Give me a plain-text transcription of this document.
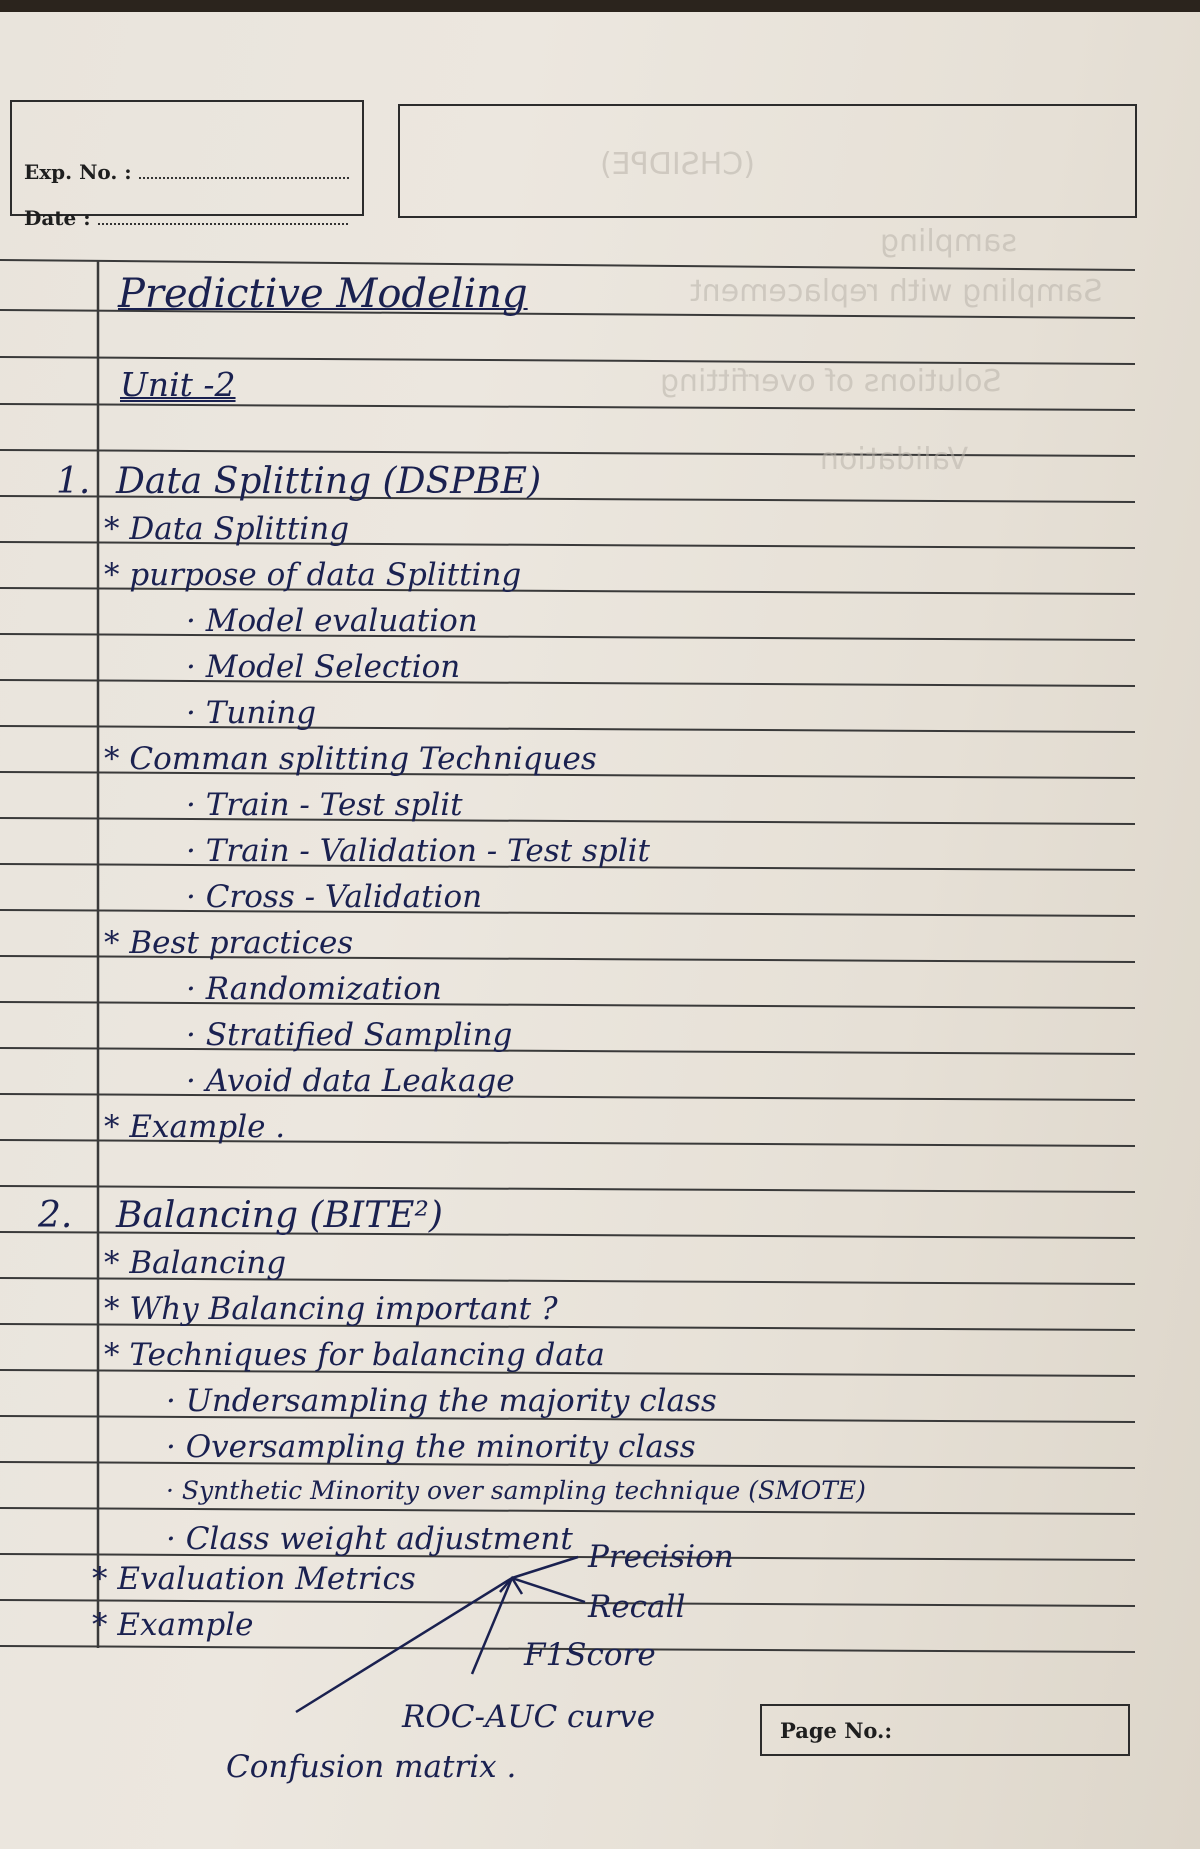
Exp. No. :
Date :
(CHSIDPE)
sampling
Sampling with replacement
Solutions of overfitting
Validation
Predictive Modeling
Unit -2
1. Data Splitting (DSPBE)
* Data Splitting
* purpose of data Splitting
· Model evaluation
· Model Selection
· Tuning
* Comman splitting Techniques
· Train - Test split
· Train - Validation - Test split
· Cross - Validation
* Best practices
· Randomization
· Stratified Sampling
· Avoid data Leakage
* Example .
2. Balancing (BITE²)
* Balancing
* Why Balancing important ?
* Techniques for balancing data
· Undersampling the majority class
· Oversampling the minority class
· Synthetic Minority over sampling technique (SMOTE)
· Class weight adjustment
* Evaluation Metrics
* Example
Precision
Recall
F1Score
ROC-AUC curve
Confusion matrix .
Page No.:
